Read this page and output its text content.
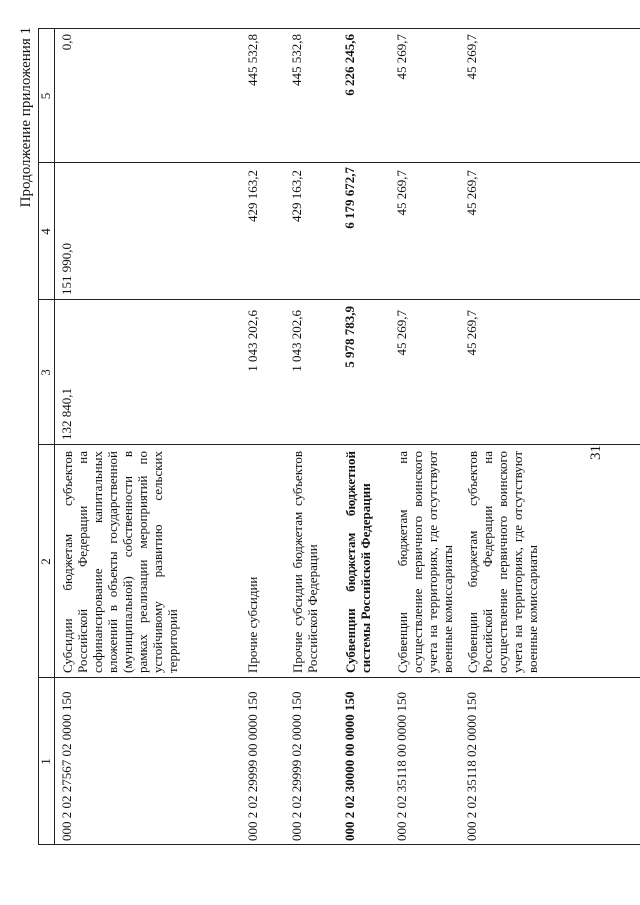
31
Продолжение приложения 1
1
2
3
4
5
000 2 02 27567 02 0000 150
Субсидии бюджетам субъектов Российской Федерации на софинансирование капитальных вложений в объекты государственной (муниципальной) собственности в рамках реализации мероприятий по устойчивому развитию сельских территорий
132 840,1
151 990,0
0,0
000 2 02 29999 00 0000 150
Прочие субсидии
1 043 202,6
429 163,2
445 532,8
000 2 02 29999 02 0000 150
Прочие субсидии бюджетам субъектов Российской Федерации
1 043 202,6
429 163,2
445 532,8
000 2 02 30000 00 0000 150
Субвенции бюджетам бюджетной системы Российской Федерации
5 978 783,9
6 179 672,7
6 226 245,6
000 2 02 35118 00 0000 150
Субвенции бюджетам на осуществление первичного воинского учета на территориях, где отсутствуют военные комиссариаты
45 269,7
45 269,7
45 269,7
000 2 02 35118 02 0000 150
Субвенции бюджетам субъектов Российской Федерации на осуществление первичного воинского учета на территориях, где отсутствуют военные комиссариаты
45 269,7
45 269,7
45 269,7
